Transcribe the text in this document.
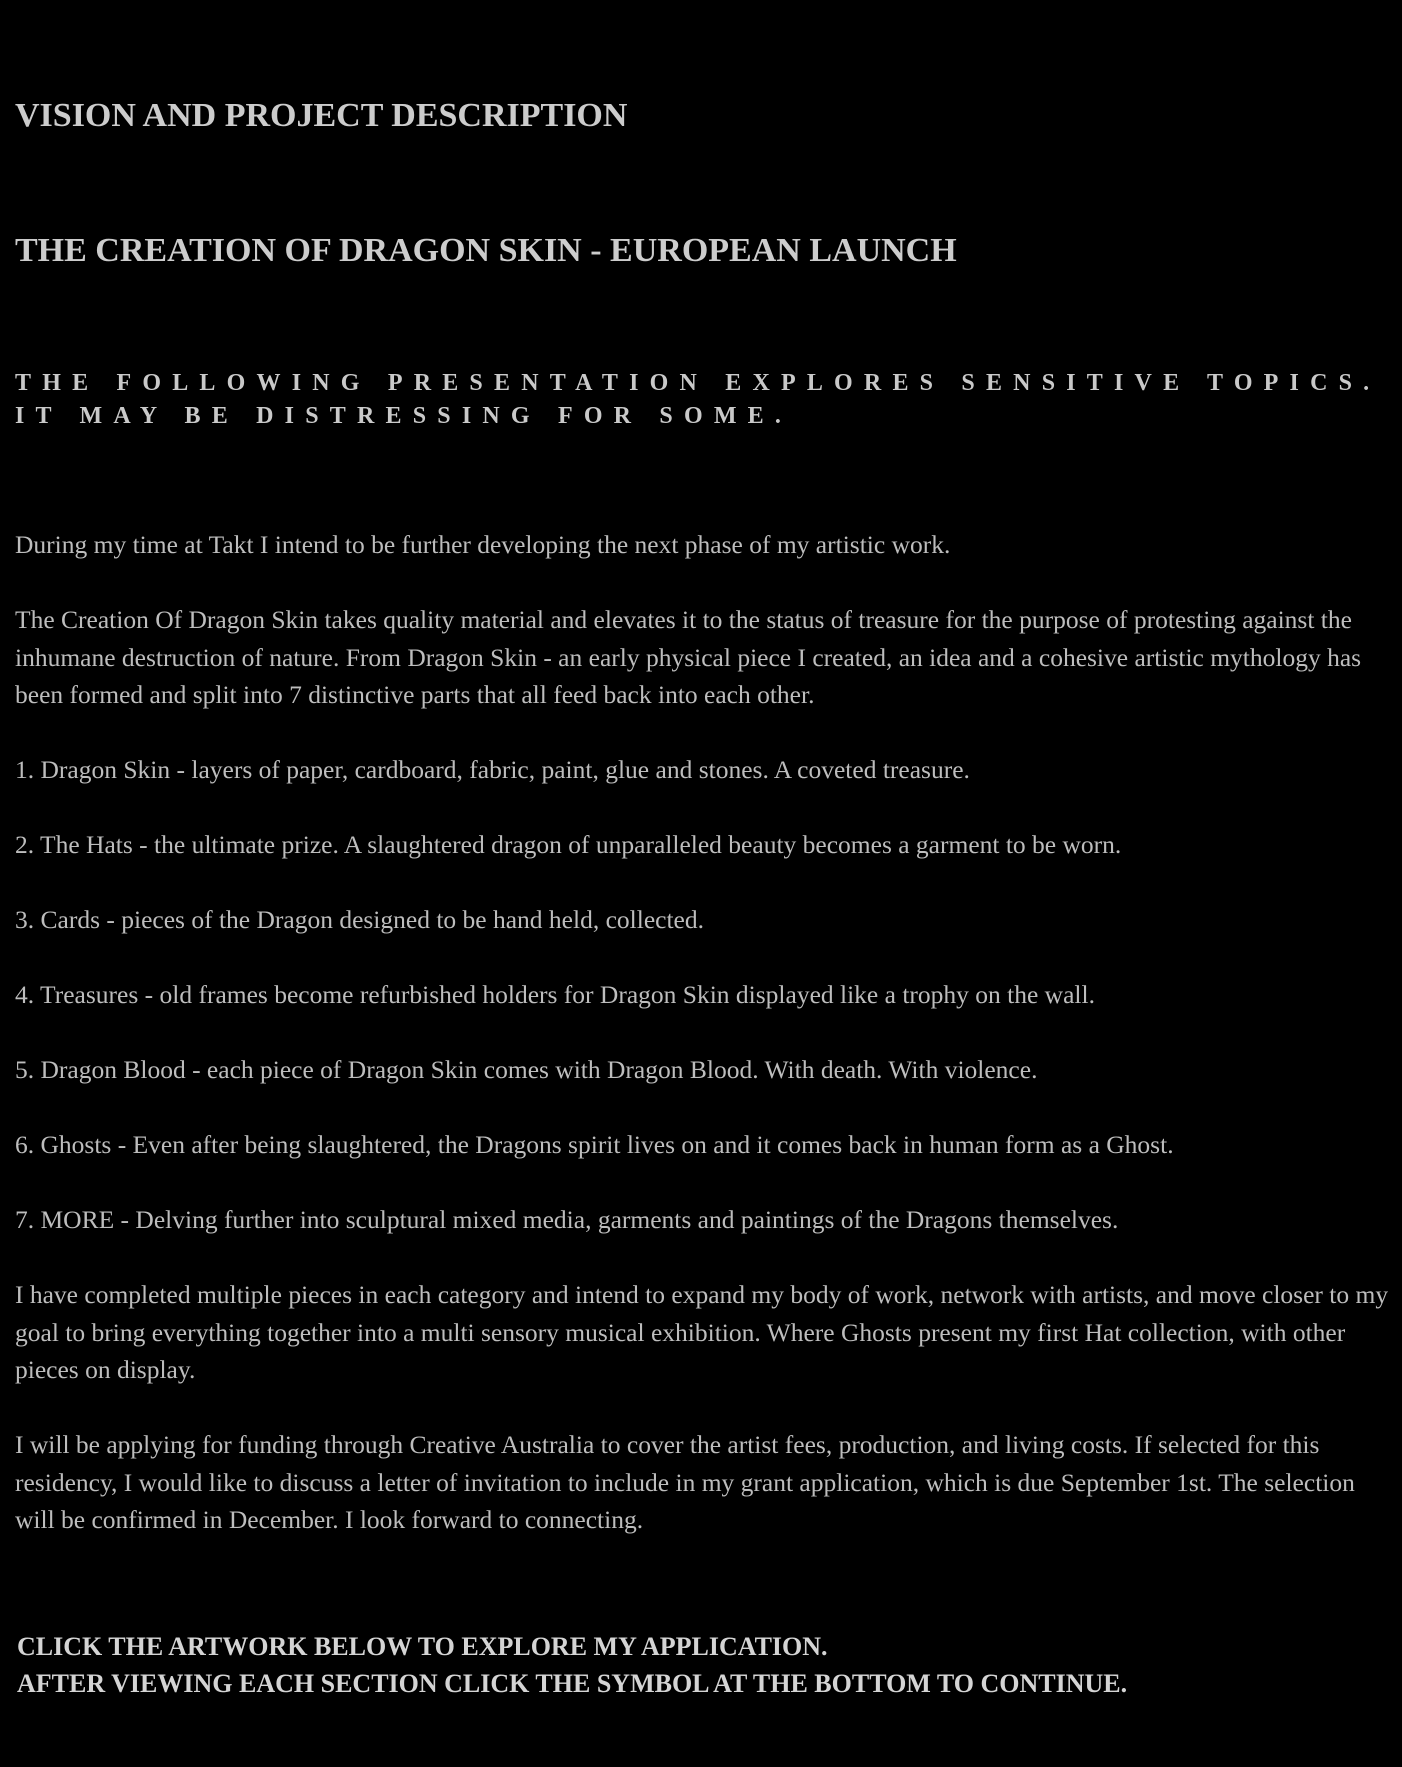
VISION AND PROJECT DESCRIPTION
THE CREATION OF DRAGON SKIN - EUROPEAN LAUNCH
THE FOLLOWING PRESENTATION EXPLORES SENSITIVE TOPICS.
IT MAY BE DISTRESSING FOR SOME.

During my time at Takt I intend to be further developing the next phase of my artistic work.

The Creation Of Dragon Skin takes quality material and elevates it to the status of treasure for the purpose of protesting against the inhumane destruction of nature. From Dragon Skin - an early physical piece I created, an idea and a cohesive artistic mythology has been formed and split into 7 distinctive parts that all feed back into each other.

1. Dragon Skin - layers of paper, cardboard, fabric, paint, glue and stones. A coveted treasure.

2. The Hats - the ultimate prize. A slaughtered dragon of unparalleled beauty becomes a garment to be worn.

3. Cards - pieces of the Dragon designed to be hand held, collected.

4. Treasures - old frames become refurbished holders for Dragon Skin displayed like a trophy on the wall.

5. Dragon Blood - each piece of Dragon Skin comes with Dragon Blood. With death. With violence.

6. Ghosts - Even after being slaughtered, the Dragons spirit lives on and it comes back in human form as a Ghost.

7. MORE - Delving further into sculptural mixed media, garments and paintings of the Dragons themselves.

I have completed multiple pieces in each category and intend to expand my body of work, network with artists, and move closer to my goal to bring everything together into a multi sensory musical exhibition. Where Ghosts present my first Hat collection, with other pieces on display.

I will be applying for funding through Creative Australia to cover the artist fees, production, and living costs. If selected for this residency, I would like to discuss a letter of invitation to include in my grant application, which is due September 1st. The selection will be confirmed in December. I look forward to connecting.

CLICK THE ARTWORK BELOW TO EXPLORE MY APPLICATION.
AFTER VIEWING EACH SECTION CLICK THE SYMBOL AT THE BOTTOM TO CONTINUE.
